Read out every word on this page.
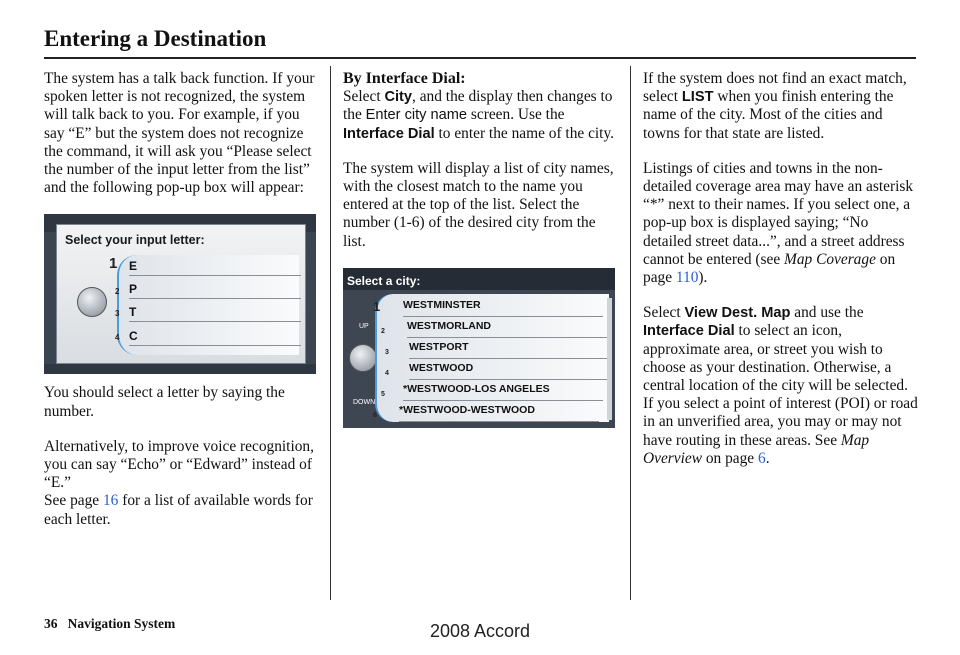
Entering a Destination

The system has a talk back function. If your spoken letter is not recognized, the system will talk back to you. For example, if you say “E” but the system does not recognize the command, it will ask you “Please select the number of the input letter from the list” and the following pop-up box will appear:

Select your input letter:
E
P
T
C
1
2
3
4

You should select a letter by saying the number.

Alternatively, to improve voice recognition, you can say “Echo” or “Edward” instead of “E.”
See page 16 for a list of available words for each letter.

By Interface Dial:

Select City, and the display then changes to the Enter city name screen. Use the Interface Dial to enter the name of the city.

The system will display a list of city names, with the closest match to the name you entered at the top of the list. Select the number (1-6) of the desired city from the list.

Select a city:
UP
DOWN
WESTMINSTER
WESTMORLAND
WESTPORT
WESTWOOD
*WESTWOOD-LOS ANGELES
*WESTWOOD-WESTWOOD
1
2
3
4
5
6

If the system does not find an exact match, select LIST when you finish entering the name of the city. Most of the cities and towns for that state are listed.

Listings of cities and towns in the non-detailed coverage area may have an asterisk “*” next to their names. If you select one, a pop-up box is displayed saying; “No detailed street data...”, and a street address cannot be entered (see Map Coverage on page 110).

Select View Dest. Map and use the Interface Dial to select an icon, approximate area, or street you wish to choose as your destination. Otherwise, a central location of the city will be selected. If you select a point of interest (POI) or road in an unverified area, you may or may not have routing in these areas. See Map Overview on page 6.

36 Navigation System	2008 Accord
